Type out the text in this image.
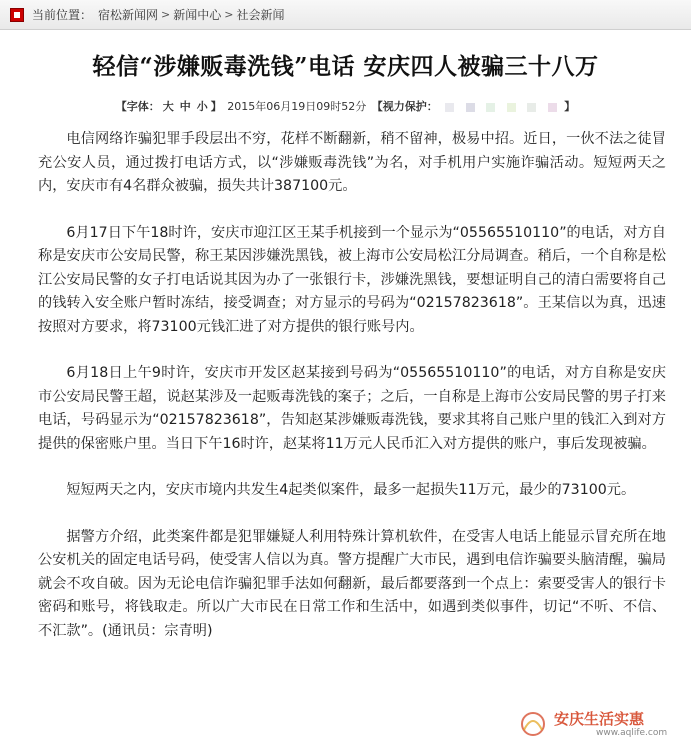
当前位置： 宿松新闻网 > 新闻中心 > 社会新闻
轻信“涉嫌贩毒洗钱”电话 安庆四人被骗三十八万
【字体： 大 中 小 】 2015年06月19日09时52分 【视力保护：	】

电信网络诈骗犯罪手段层出不穷，花样不断翻新，稍不留神，极易中招。近日，一伙不法之徒冒充公安人员，通过拨打电话方式，以“涉嫌贩毒洗钱”为名，对手机用户实施诈骗活动。短短两天之内，安庆市有4名群众被骗，损失共计387100元。

6月17日下午18时许，安庆市迎江区王某手机接到一个显示为“05565510110”的电话，对方自称是安庆市公安局民警，称王某因涉嫌洗黑钱，被上海市公安局松江分局调查。稍后，一个自称是松江公安局民警的女子打电话说其因为办了一张银行卡，涉嫌洗黑钱，要想证明自己的清白需要将自己的钱转入安全账户暂时冻结，接受调查；对方显示的号码为“02157823618”。王某信以为真，迅速按照对方要求，将73100元钱汇进了对方提供的银行账号内。

6月18日上午9时许，安庆市开发区赵某接到号码为“05565510110”的电话，对方自称是安庆市公安局民警王超，说赵某涉及一起贩毒洗钱的案子；之后，一自称是上海市公安局民警的男子打来电话，号码显示为“02157823618”，告知赵某涉嫌贩毒洗钱，要求其将自己账户里的钱汇入到对方提供的保密账户里。当日下午16时许，赵某将11万元人民币汇入对方提供的账户，事后发现被骗。

短短两天之内，安庆市境内共发生4起类似案件，最多一起损失11万元，最少的73100元。

据警方介绍，此类案件都是犯罪嫌疑人利用特殊计算机软件，在受害人电话上能显示冒充所在地公安机关的固定电话号码，使受害人信以为真。警方提醒广大市民，遇到电信诈骗要头脑清醒，骗局就会不攻自破。因为无论电信诈骗犯罪手法如何翻新，最后都要落到一个点上：索要受害人的银行卡密码和账号，将钱取走。所以广大市民在日常工作和生活中，如遇到类似事件，切记“不听、不信、不汇款”。(通讯员：宗青明)

安庆生活实惠
www.aqlife.com
